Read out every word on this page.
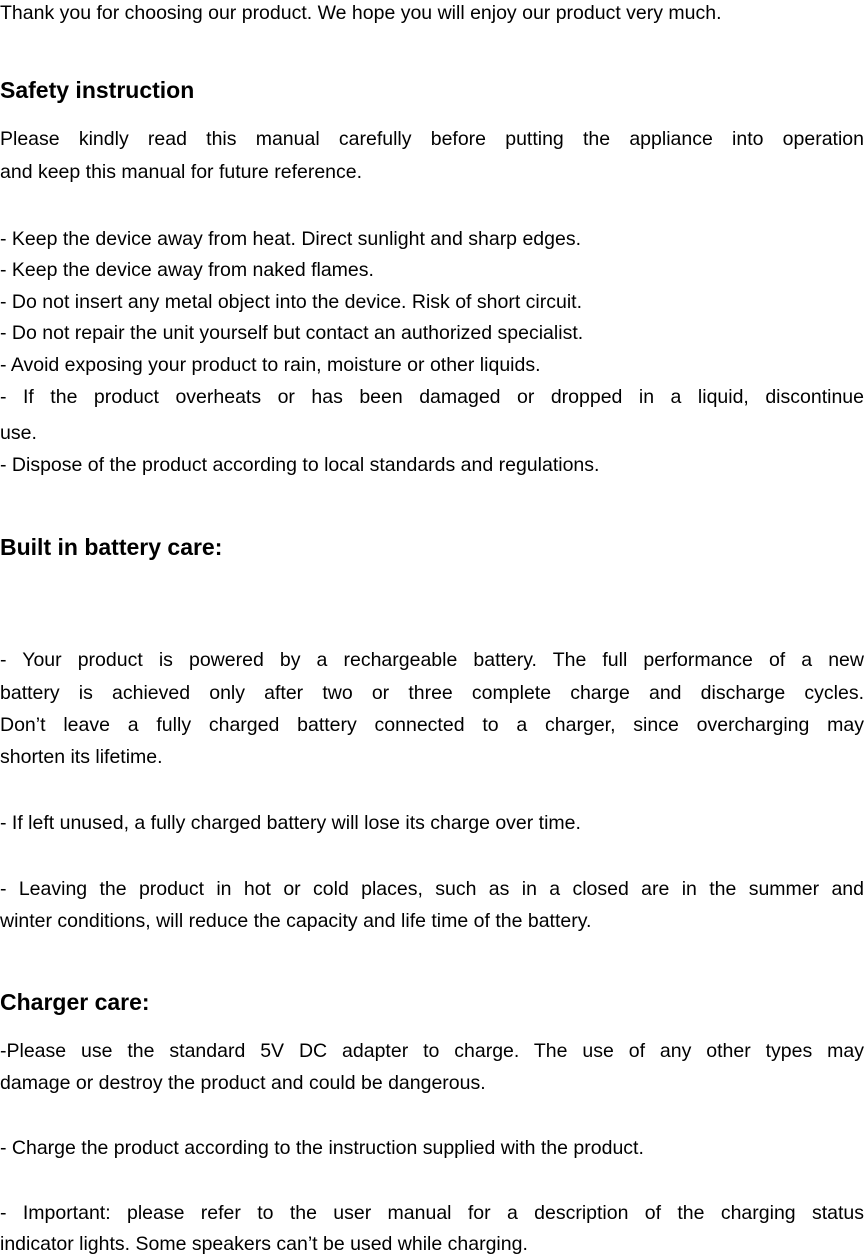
Thank you for choosing our product. We hope you will enjoy our product very much.
Safety instruction
Please kindly read this manual carefully before putting the appliance into operation
and keep this manual for future reference.
- Keep the device away from heat. Direct sunlight and sharp edges.
- Keep the device away from naked flames.
- Do not insert any metal object into the device. Risk of short circuit.
- Do not repair the unit yourself but contact an authorized specialist.
- Avoid exposing your product to rain, moisture or other liquids.
- If the product overheats or has been damaged or dropped in a liquid, discontinue
use.
- Dispose of the product according to local standards and regulations.
Built in battery care:
- Your product is powered by a rechargeable battery. The full performance of a new
battery is achieved only after two or three complete charge and discharge cycles.
Don’t leave a fully charged battery connected to a charger, since overcharging may
shorten its lifetime.
- If left unused, a fully charged battery will lose its charge over time.
- Leaving the product in hot or cold places, such as in a closed are in the summer and
winter conditions, will reduce the capacity and life time of the battery.
Charger care:
-Please use the standard 5V DC adapter to charge. The use of any other types may
damage or destroy the product and could be dangerous.
- Charge the product according to the instruction supplied with the product.
- Important: please refer to the user manual for a description of the charging status
indicator lights. Some speakers can’t be used while charging.
